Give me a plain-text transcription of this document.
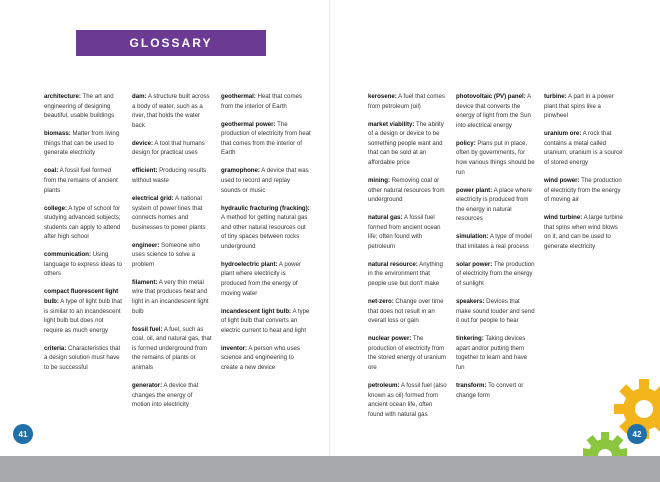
GLOSSARY
architecture: The art and engineering of designing beautiful, usable buildings
biomass: Matter from living things that can be used to generate electricity
coal: A fossil fuel formed from the remains of ancient plants
college: A type of school for studying advanced subjects; students can apply to attend after high school
communication: Using language to express ideas to others
compact fluorescent light bulb: A type of light bulb that is similar to an incandescent light bulb but does not require as much energy
criteria: Characteristics that a design solution must have to be successful
dam: A structure built across a body of water, such as a river, that holds the water back
device: A tool that humans design for practical uses
efficient: Producing results without waste
electrical grid: A national system of power lines that connects homes and businesses to power plants
engineer: Someone who uses science to solve a problem
filament: A very thin metal wire that produces heat and light in an incandescent light bulb
fossil fuel: A fuel, such as coal, oil, and natural gas, that is formed underground from the remains of plants or animals
generator: A device that changes the energy of motion into electricity
geothermal: Heat that comes from the interior of Earth
geothermal power: The production of electricity from heat that comes from the interior of Earth
gramophone: A device that was used to record and replay sounds or music
hydraulic fracturing (fracking): A method for getting natural gas and other natural resources out of tiny spaces between rocks underground
hydroelectric plant: A power plant where electricity is produced from the energy of moving water
incandescent light bulb: A type of light bulb that converts an electric current to heat and light
inventor: A person who uses science and engineering to create a new device
kerosene: A fuel that comes from petroleum (oil)
market viability: The ability of a design or device to be something people want and that can be sold at an affordable price
mining: Removing coal or other natural resources from underground
natural gas: A fossil fuel formed from ancient ocean life; often found with petroleum
natural resource: Anything in the environment that people use but don't make
net-zero: Change over time that does not result in an overall loss or gain
nuclear power: The production of electricity from the stored energy of uranium ore
petroleum: A fossil fuel (also known as oil) formed from ancient ocean life, often found with natural gas
photovoltaic (PV) panel: A device that converts the energy of light from the Sun into electrical energy
policy: Plans put in place, often by governments, for how various things should be run
power plant: A place where electricity is produced from the energy in natural resources
simulation: A type of model that imitates a real process
solar power: The production of electricity from the energy of sunlight
speakers: Devices that make sound louder and send it out for people to hear
tinkering: Taking devices apart and/or putting them together to learn and have fun
transform: To convert or change form
turbine: A part in a power plant that spins like a pinwheel
uranium ore: A rock that contains a metal called uranium; uranium is a source of stored energy
wind power: The production of electricity from the energy of moving air
wind turbine: A large turbine that spins when wind blows on it, and can be used to generate electricity
41	42
